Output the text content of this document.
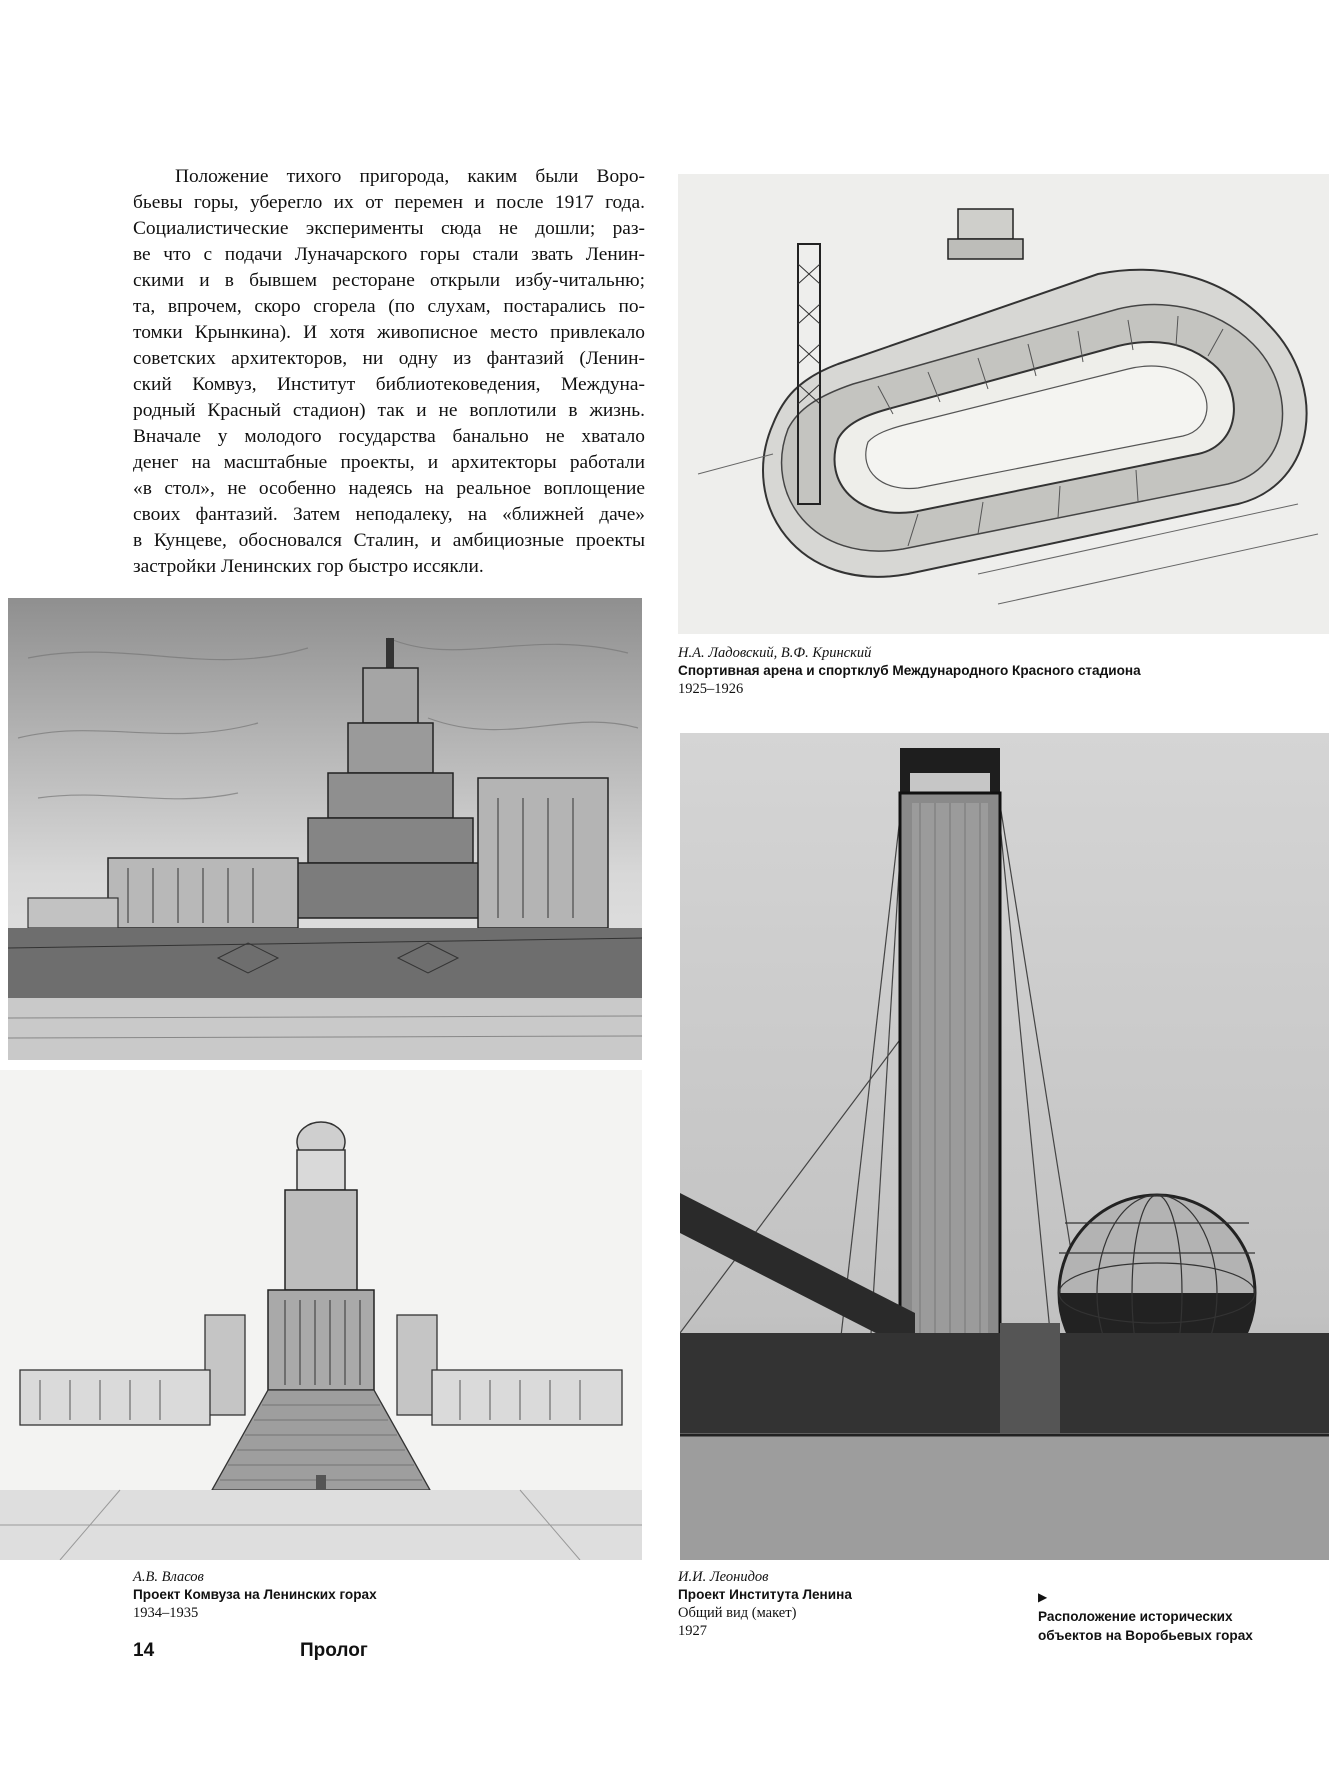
Положение тихого пригорода, каким были Воро-
бьевы горы, уберегло их от перемен и после 1917 года.
Социалистические эксперименты сюда не дошли; раз-
ве что с подачи Луначарского горы стали звать Ленин-
скими и в бывшем ресторане открыли избу-читальню;
та, впрочем, скоро сгорела (по слухам, постарались по-
томки Крынкина). И хотя живописное место привлекало
советских архитекторов, ни одну из фантазий (Ленин-
ский Комвуз, Институт библиотековедения, Междуна-
родный Красный стадион) так и не воплотили в жизнь.
Вначале у молодого государства банально не хватало
денег на масштабные проекты, и архитекторы работали
«в стол», не особенно надеясь на реальное воплощение
своих фантазий. Затем неподалеку, на «ближней даче»
в Кунцеве, обосновался Сталин, и амбициозные проекты
застройки Ленинских гор быстро иссякли.
Н.А. Ладовский, В.Ф. Кринский
Спортивная арена и спортклуб Международного Красного стадиона
1925–1926
А.В. Власов
Проект Комвуза на Ленинских горах
1934–1935
И.И. Леонидов
Проект Института Ленина
Общий вид (макет)
1927
▶
Расположение исторических объектов на Воробьевых горах
14	Пролог
